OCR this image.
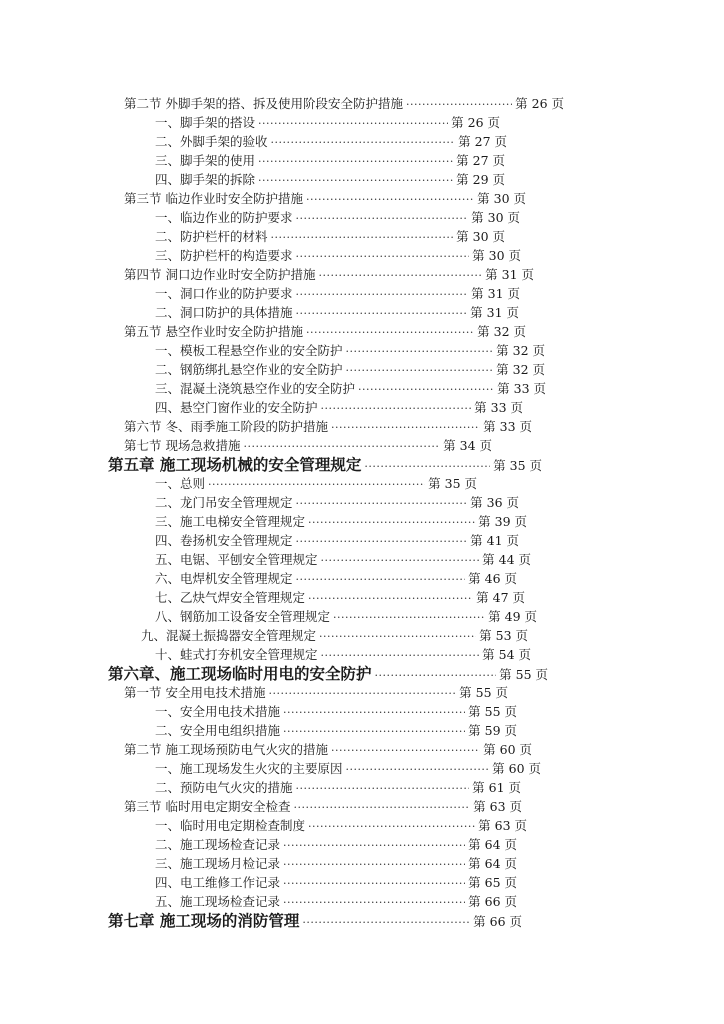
第二节 外脚手架的搭、拆及使用阶段安全防护措施 ·····	第 26 页
一、脚手架的搭设 ·····	第 26 页
二、外脚手架的验收 ·····	第 27 页
三、脚手架的使用 ·····	第 27 页
四、脚手架的拆除 ·····	第 29 页
第三节 临边作业时安全防护措施 ·····	第 30 页
一、临边作业的防护要求 ·····	第 30 页
二、防护栏杆的材料 ·····	第 30 页
三、防护栏杆的构造要求 ·····	第 30 页
第四节 洞口边作业时安全防护措施 ·····	第 31 页
一、洞口作业的防护要求 ·····	第 31 页
二、洞口防护的具体措施 ·····	第 31 页
第五节 悬空作业时安全防护措施 ·····	第 32 页
一、模板工程悬空作业的安全防护 ·····	第 32 页
二、钢筋绑扎悬空作业的安全防护 ·····	第 32 页
三、混凝土浇筑悬空作业的安全防护 ·····	第 33 页
四、悬空门窗作业的安全防护 ·····	第 33 页
第六节 冬、雨季施工阶段的防护措施 ·····	第 33 页
第七节 现场急救措施 ·····	第 34 页
第五章 施工现场机械的安全管理规定 ·····	第 35 页
一、总则 ·····	第 35 页
二、龙门吊安全管理规定 ·····	第 36 页
三、施工电梯安全管理规定 ·····	第 39 页
四、卷扬机安全管理规定 ·····	第 41 页
五、电锯、平刨安全管理规定 ·····	第 44 页
六、电焊机安全管理规定 ·····	第 46 页
七、乙炔气焊安全管理规定 ·····	第 47 页
八、钢筋加工设备安全管理规定 ·····	第 49 页
九、混凝土振捣器安全管理规定 ·····	第 53 页
十、蛙式打夯机安全管理规定 ·····	第 54 页
第六章、施工现场临时用电的安全防护 ·····	第 55 页
第一节 安全用电技术措施 ·····	第 55 页
一、安全用电技术措施 ·····	第 55 页
二、安全用电组织措施 ·····	第 59 页
第二节 施工现场预防电气火灾的措施 ·····	第 60 页
一、施工现场发生火灾的主要原因 ·····	第 60 页
二、预防电气火灾的措施 ·····	第 61 页
第三节 临时用电定期安全检查 ·····	第 63 页
一、临时用电定期检查制度 ·····	第 63 页
二、施工现场检查记录 ·····	第 64 页
三、施工现场月检记录 ·····	第 64 页
四、电工维修工作记录 ·····	第 65 页
五、施工现场检查记录 ·····	第 66 页
第七章 施工现场的消防管理 ·····	第 66 页
